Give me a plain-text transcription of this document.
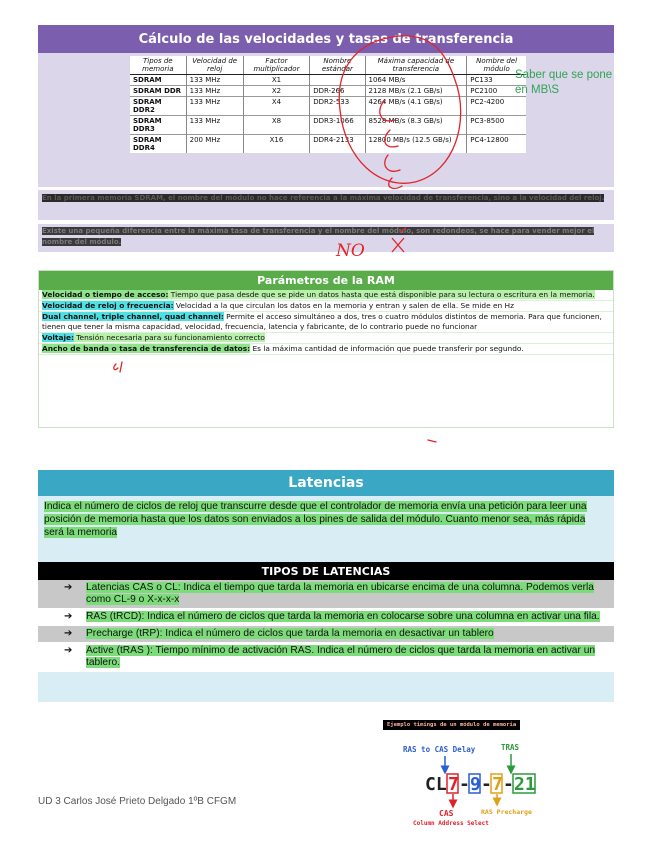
Cálculo de las velocidades y tasas de transferencia
Tipos de memoria	Velocidad de reloj	Factor multiplicador	Nombre estándar	Máxima capacidad de transferencia	Nombre del módulo
SDRAM	133 MHz	X1		1064 MB/s	PC133
SDRAM DDR	133 MHz	X2	DDR-266	2128 MB/s (2.1 GB/s)	PC2100
SDRAM DDR2	133 MHz	X4	DDR2-533	4264 MB/s (4.1 GB/s)	PC2-4200
SDRAM DDR3	133 MHz	X8	DDR3-1066	8528 MB/s (8.3 GB/s)	PC3-8500
SDRAM DDR4	200 MHz	X16	DDR4-2133	12800 MB/s (12.5 GB/s)	PC4-12800
Saber que se pone en MB\S
En la primera memoria SDRAM, el nombre del módulo no hace referencia a la máxima velocidad de transferencia, sino a la velocidad del reloj.
Existe una pequeña diferencia entre la máxima tasa de transferencia y el nombre del módulo, son redondeos, se hace para vender mejor el nombre del módulo.
Parámetros de la RAM
Velocidad o tiempo de acceso: Tiempo que pasa desde que se pide un datos hasta que está disponible para su lectura o escritura en la memoria.
Velocidad de reloj o frecuencia: Velocidad a la que circulan los datos en la memoria y entran y salen de ella. Se mide en Hz
Dual channel, triple channel, quad channel: Permite el acceso simultáneo a dos, tres o cuatro módulos distintos de memoria. Para que funcionen, tienen que tener la misma capacidad, velocidad, frecuencia, latencia y fabricante, de lo contrario puede no funcionar
Voltaje: Tensión necesaria para su funcionamiento correcto
Ancho de banda o tasa de transferencia de datos: Es la máxima cantidad de información que puede transferir por segundo.
Latencias
Indica el número de ciclos de reloj que transcurre desde que el controlador de memoria envía una petición para leer una posición de memoria hasta que los datos son enviados a los pines de salida del módulo. Cuanto menor sea, más rápida será la memoria
TIPOS DE LATENCIAS
➔ Latencias CAS o CL: Indica el tiempo que tarda la memoria en ubicarse encima de una columna. Podemos verla como CL-9 o X-x-x-x
➔ RAS (tRCD): Indica el número de ciclos que tarda la memoria en colocarse sobre una columna en activar una fila.
➔ Precharge (tRP): Indica el número de ciclos que tarda la memoria en desactivar un tablero
➔ Active (tRAS ): Tiempo mínimo de activación RAS. Indica el número de ciclos que tarda la memoria en activar un tablero.
Ejemplo timings de un módulo de memoria
RAS to CAS Delay	TRAS
CL 7 - 9 - 7 - 21
CAS	RAS Precharge
Column Address Select
UD 3 Carlos José Prieto Delgado 1ºB CFGM
NO
